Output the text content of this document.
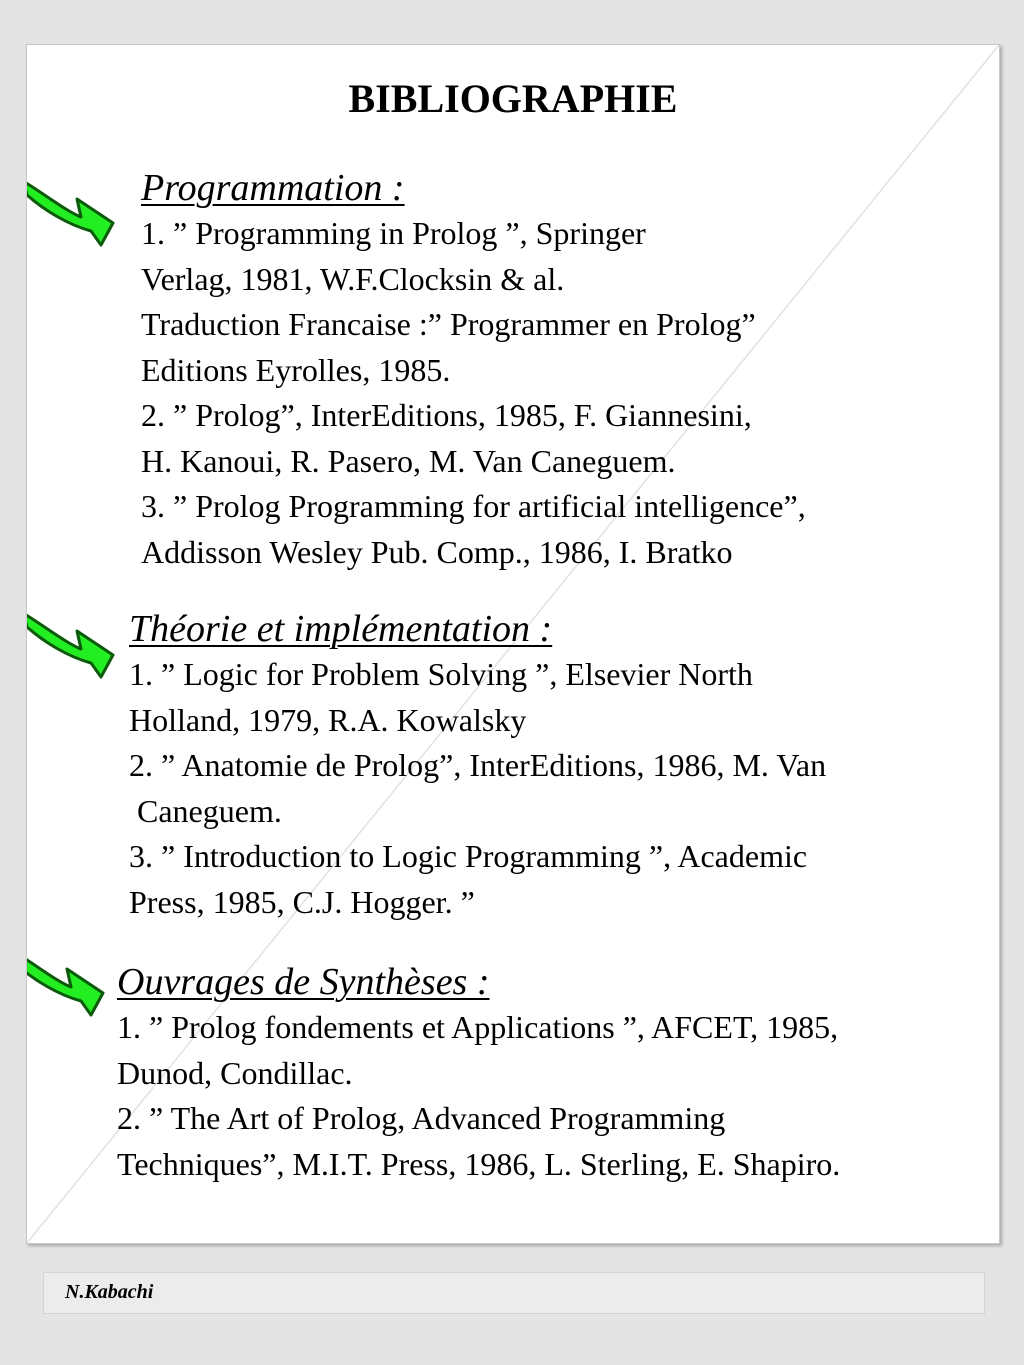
BIBLIOGRAPHIE
Programmation :
1. ” Programming in Prolog ”, Springer
Verlag, 1981, W.F.Clocksin & al.
Traduction Francaise :” Programmer en Prolog”
Editions Eyrolles, 1985.
2. ” Prolog”, InterEditions, 1985, F. Giannesini,
H. Kanoui, R. Pasero, M. Van Caneguem.
3. ” Prolog Programming for artificial intelligence”,
Addisson Wesley Pub. Comp., 1986, I. Bratko
Théorie et implémentation :
1. ” Logic for Problem Solving ”, Elsevier North
Holland, 1979, R.A. Kowalsky
2. ” Anatomie de Prolog”, InterEditions, 1986, M. Van
Caneguem.
3. ” Introduction to Logic Programming ”, Academic
Press, 1985, C.J. Hogger. ”
Ouvrages de Synthèses :
1. ” Prolog fondements et Applications ”, AFCET, 1985,
Dunod, Condillac.
2. ” The Art of Prolog, Advanced Programming
Techniques”, M.I.T. Press, 1986, L. Sterling, E. Shapiro.
N.Kabachi
